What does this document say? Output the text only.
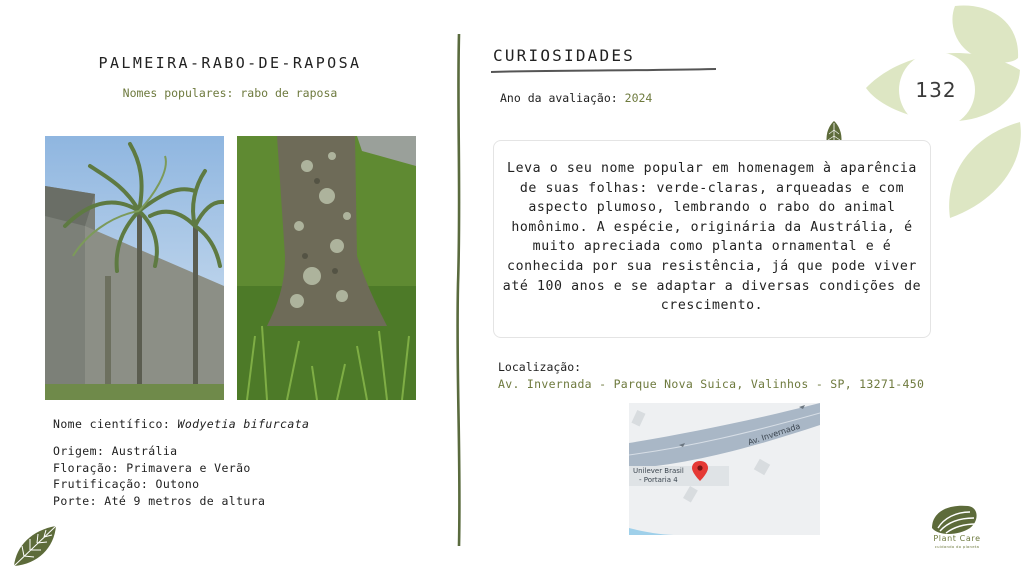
132
PALMEIRA-RABO-DE-RAPOSA
Nomes populares: rabo de raposa
Nome científico: Wodyetia bifurcata
Origem: Austrália
Floração: Primavera e Verão
Frutificação: Outono
Porte: Até 9 metros de altura
CURIOSIDADES
Ano da avaliação: 2024
Leva o seu nome popular em homenagem à aparência de suas folhas: verde-claras, arqueadas e com aspecto plumoso, lembrando o rabo do animal homônimo. A espécie, originária da Austrália, é muito apreciada como planta ornamental e é conhecida por sua resistência, já que pode viver até 100 anos e se adaptar a diversas condições de crescimento.
Localização:
Av. Invernada - Parque Nova Suica, Valinhos - SP, 13271-450
Av. Invernada
Unilever Brasil
- Portaria 4
Plant Care
cuidando do planeta
